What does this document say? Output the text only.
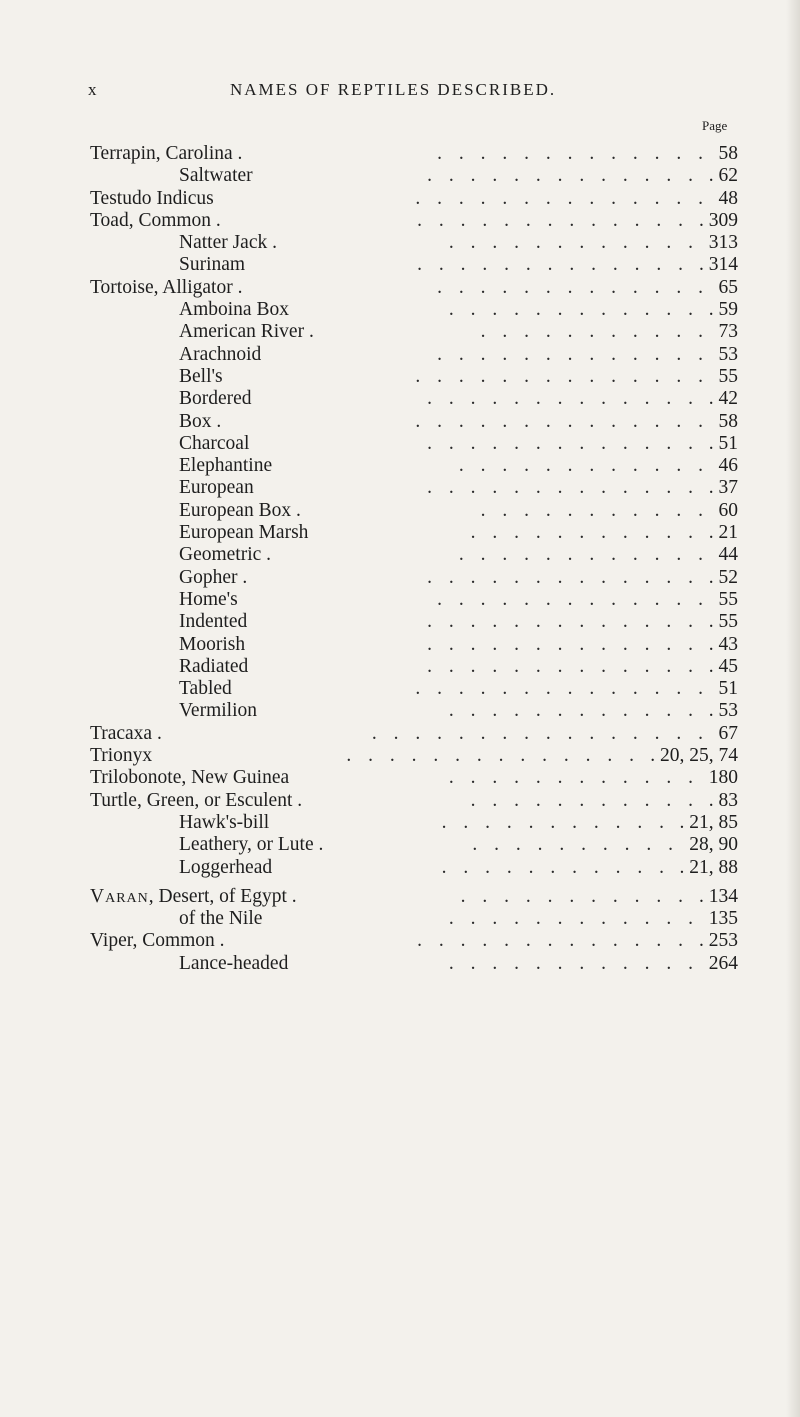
x	NAMES OF REPTILES DESCRIBED.
Page
Terrapin, Carolina .	. . . . . . . . . . . . . 58
Saltwater	. . . . . . . . . . . . . . 62
Testudo Indicus	. . . . . . . . . . . . . . 48
Toad, Common .	. . . . . . . . . . . . . . 309
Natter Jack .	. . . . . . . . . . . . 313
Surinam	. . . . . . . . . . . . . . 314
Tortoise, Alligator .	. . . . . . . . . . . . . 65
Amboina Box	. . . . . . . . . . . . . 59
American River .	. . . . . . . . . . . 73
Arachnoid	. . . . . . . . . . . . . 53
Bell's	. . . . . . . . . . . . . . 55
Bordered	. . . . . . . . . . . . . . 42
Box .	. . . . . . . . . . . . . . 58
Charcoal	. . . . . . . . . . . . . . 51
Elephantine	. . . . . . . . . . . . 46
European	. . . . . . . . . . . . . . 37
European Box .	. . . . . . . . . . . 60
European Marsh	. . . . . . . . . . . . 21
Geometric .	. . . . . . . . . . . . 44
Gopher .	. . . . . . . . . . . . . . 52
Home's	. . . . . . . . . . . . . 55
Indented	. . . . . . . . . . . . . . 55
Moorish	. . . . . . . . . . . . . . 43
Radiated	. . . . . . . . . . . . . . 45
Tabled	. . . . . . . . . . . . . . 51
Vermilion	. . . . . . . . . . . . . 53
Tracaxa .	. . . . . . . . . . . . . . . . 67
Trionyx	. . . . . . . . . . . . . . . 20, 25, 74
Trilobonote, New Guinea	. . . . . . . . . . . . 180
Turtle, Green, or Esculent .	. . . . . . . . . . . . 83
Hawk's-bill	. . . . . . . . . . . . 21, 85
Leathery, or Lute .	. . . . . . . . . . 28, 90
Loggerhead	. . . . . . . . . . . . 21, 88
Varan, Desert, of Egypt .	. . . . . . . . . . . . 134
of the Nile	. . . . . . . . . . . . 135
Viper, Common .	. . . . . . . . . . . . . . 253
Lance-headed	. . . . . . . . . . . . 264
